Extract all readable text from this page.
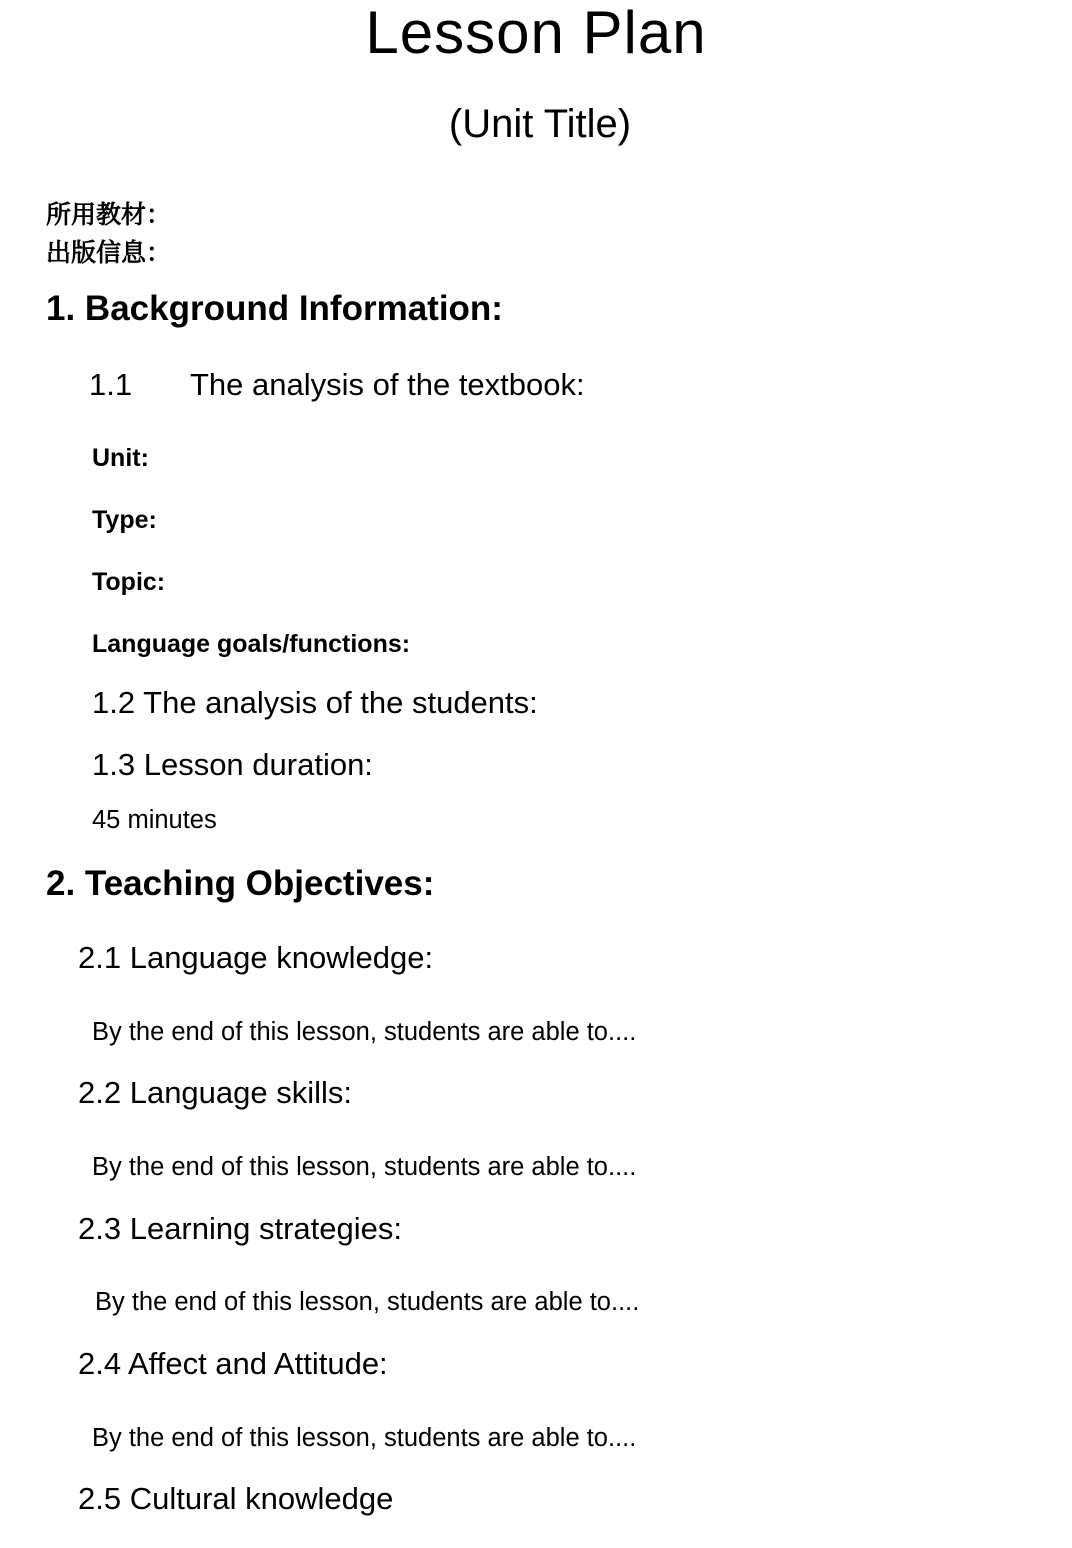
Lesson Plan
(Unit Title)
所用教材：
出版信息：
1. Background Information:
1.1 The analysis of the textbook:
Unit:
Type:
Topic:
Language goals/functions:
1.2 The analysis of the students:
1.3 Lesson duration:
45 minutes
2. Teaching Objectives:
2.1 Language knowledge:
By the end of this lesson, students are able to....
2.2 Language skills:
By the end of this lesson, students are able to....
2.3 Learning strategies:
By the end of this lesson, students are able to....
2.4 Affect and Attitude:
By the end of this lesson, students are able to....
2.5 Cultural knowledge
